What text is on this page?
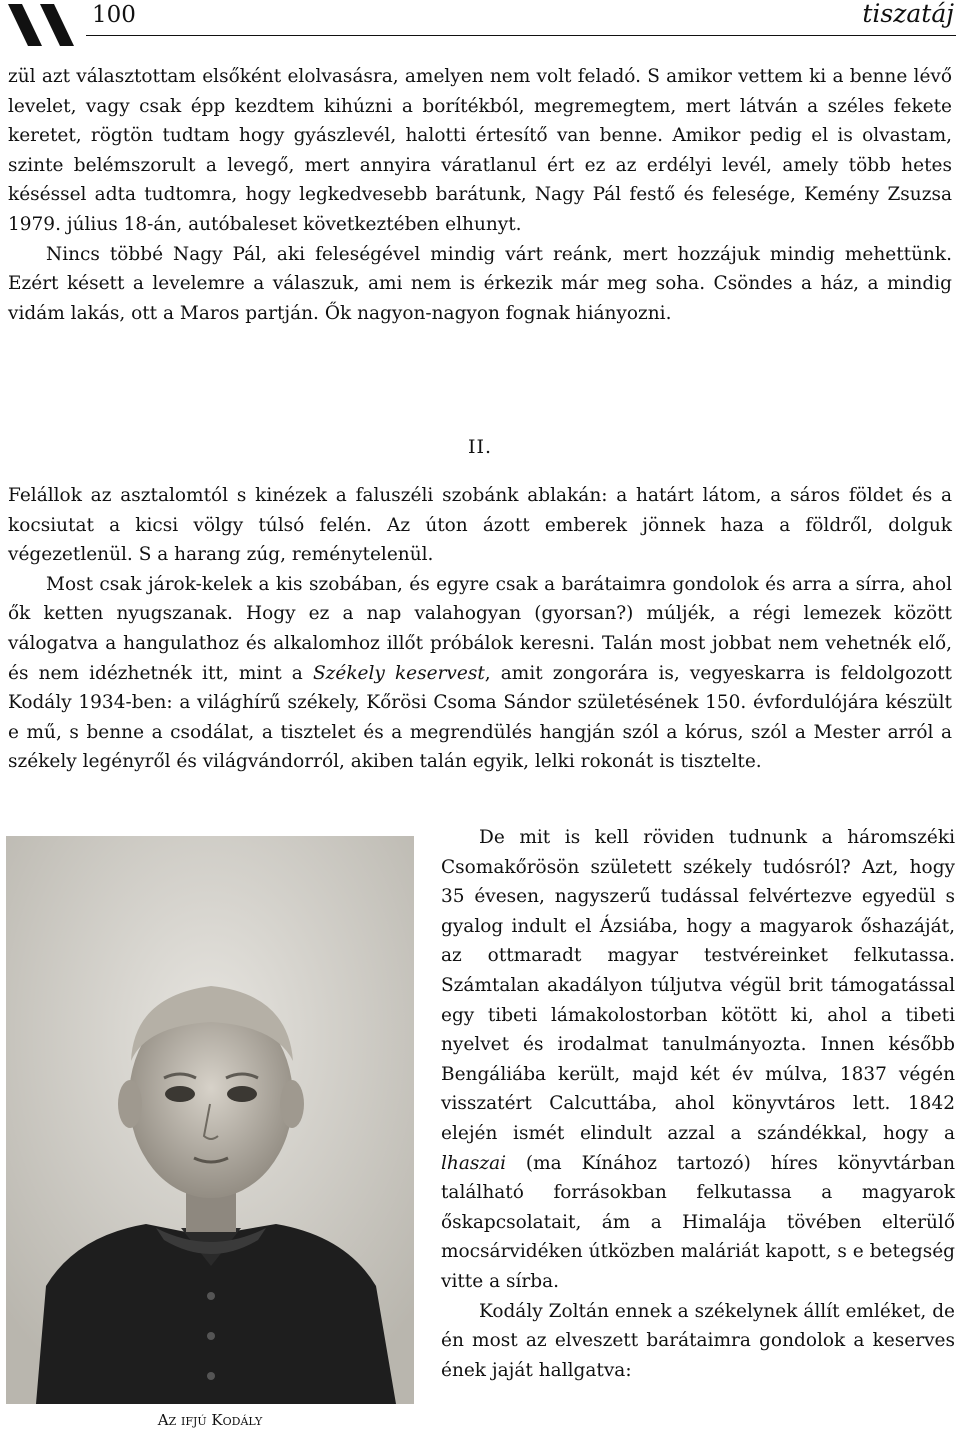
100	tiszatáj

zül azt választottam elsőként elolvasásra, amelyen nem volt feladó. S amikor vettem ki a benne lévő levelet, vagy csak épp kezdtem kihúzni a borítékból, megremegtem, mert látván a széles fekete keretet, rögtön tudtam hogy gyászlevél, halotti értesítő van benne. Amikor pedig el is olvastam, szinte belémszorult a levegő, mert annyira váratlanul ért ez az erdélyi levél, amely több hetes késéssel adta tudtomra, hogy legkedvesebb barátunk, Nagy Pál festő és felesége, Kemény Zsuzsa 1979. július 18-án, autóbaleset következtében elhunyt.

Nincs többé Nagy Pál, aki feleségével mindig várt reánk, mert hozzájuk mindig mehettünk. Ezért késett a levelemre a válaszuk, ami nem is érkezik már meg soha. Csöndes a ház, a mindig vidám lakás, ott a Maros partján. Ők nagyon-nagyon fognak hiányozni.

II.

Felállok az asztalomtól s kinézek a faluszéli szobánk ablakán: a határt látom, a sáros földet és a kocsiutat a kicsi völgy túlsó felén. Az úton ázott emberek jönnek haza a földről, dolguk végezetlenül. S a harang zúg, reménytelenül.

Most csak járok-kelek a kis szobában, és egyre csak a barátaimra gondolok és arra a sírra, ahol ők ketten nyugszanak. Hogy ez a nap valahogyan (gyorsan?) múljék, a régi lemezek között válogatva a hangulathoz és alkalomhoz illőt próbálok keresni. Talán most jobbat nem vehetnék elő, és nem idézhetnék itt, mint a Székely keservest, amit zongorára is, vegyeskarra is feldolgozott Kodály 1934-ben: a világhírű székely, Kőrösi Csoma Sándor születésének 150. évfordulójára készült e mű, s benne a csodálat, a tisztelet és a megrendülés hangján szól a kórus, szól a Mester arról a székely legényről és világvándorról, akiben talán egyik, lelki rokonát is tisztelte.

Az ifjú Kodály

De mit is kell röviden tudnunk a háromszéki Csomakőrösön született székely tudósról? Azt, hogy 35 évesen, nagyszerű tudással felvértezve egyedül s gyalog indult el Ázsiába, hogy a magyarok őshazáját, az ottmaradt magyar testvéreinket felkutassa. Számtalan akadályon túljutva végül brit támogatással egy tibeti lámakolostorban kötött ki, ahol a tibeti nyelvet és irodalmat tanulmányozta. Innen később Bengáliába került, majd két év múlva, 1837 végén visszatért Calcuttába, ahol könyvtáros lett. 1842 elején ismét elindult azzal a szándékkal, hogy a lhaszai (ma Kínához tartozó) híres könyvtárban található forrásokban felkutassa a magyarok őskapcsolatait, ám a Himalája tövében elterülő mocsárvidéken útközben maláriát kapott, s e betegség vitte a sírba.

Kodály Zoltán ennek a székelynek állít emléket, de én most az elveszett barátaimra gondolok a keserves ének jaját hallgatva:
